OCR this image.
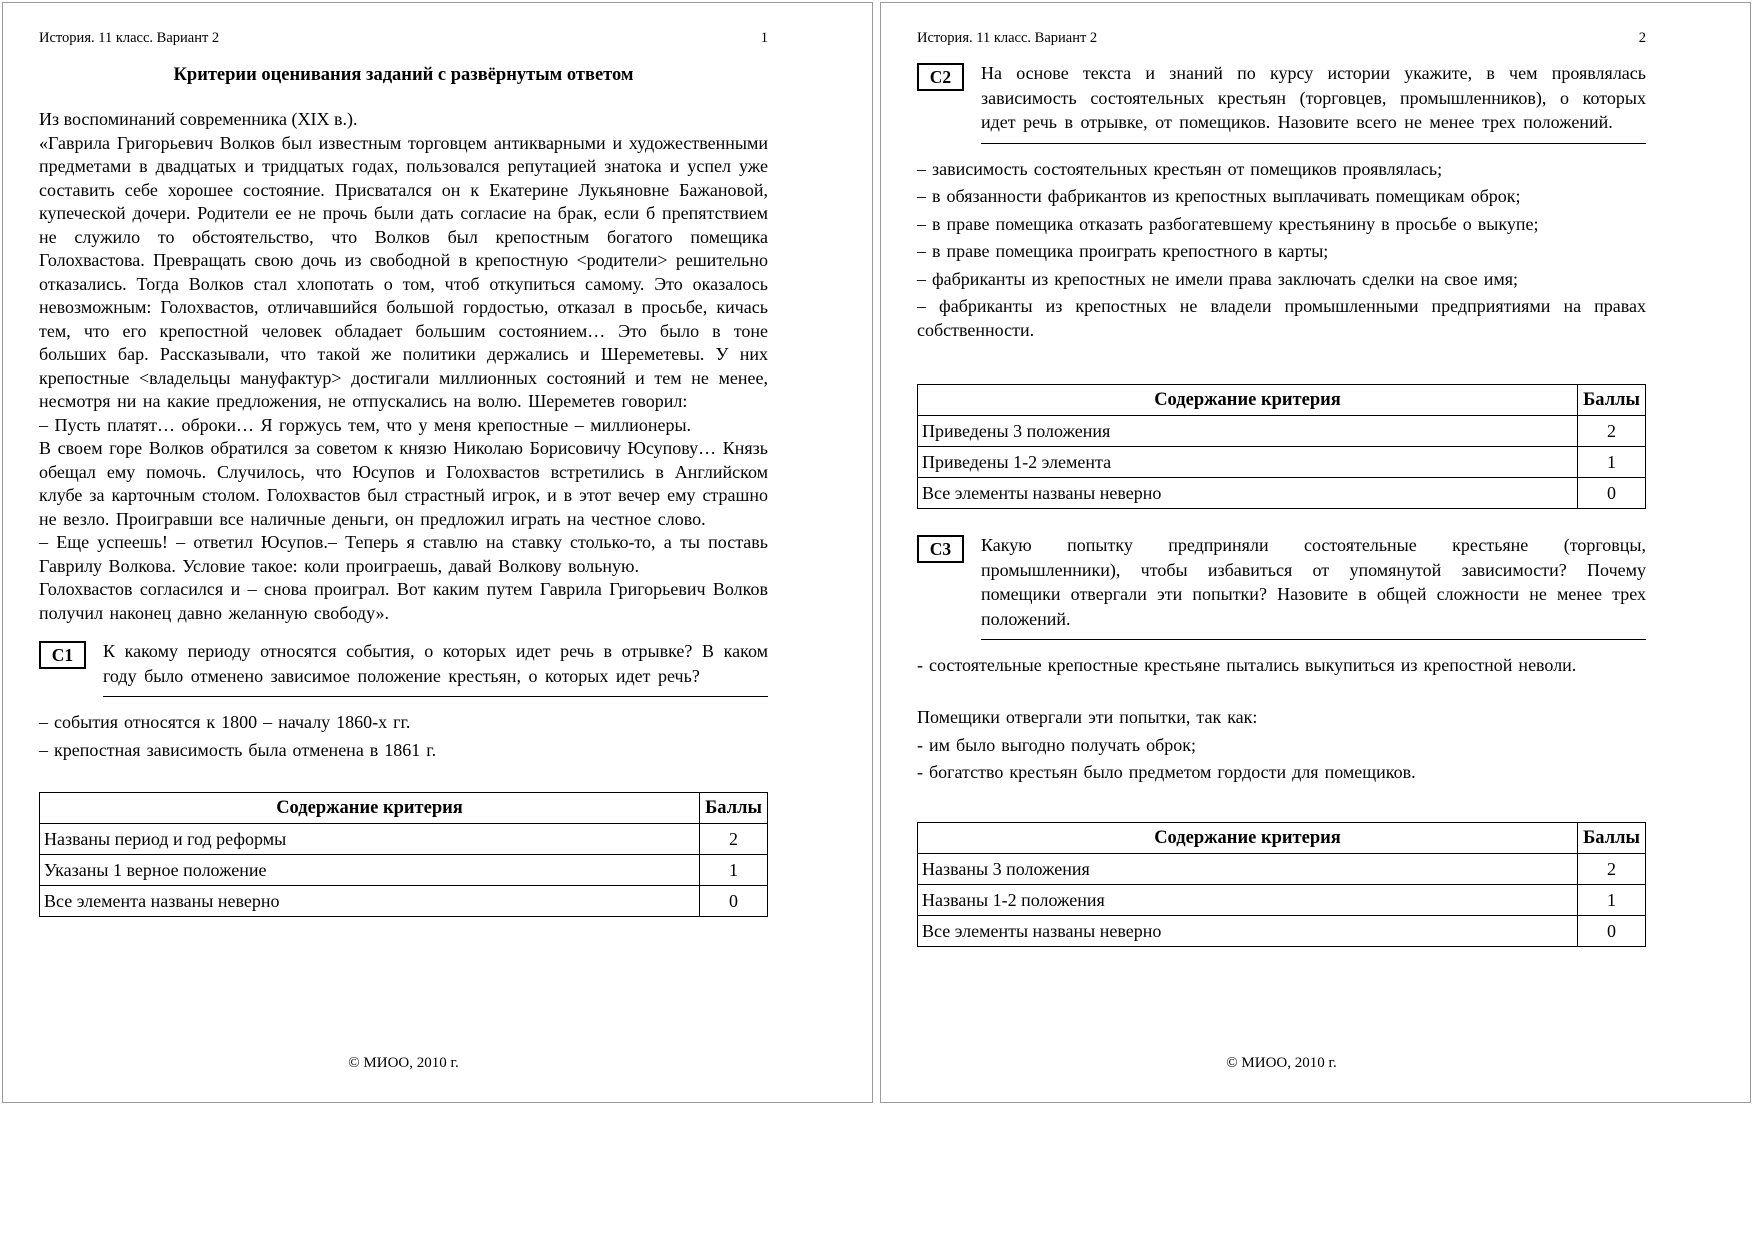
История. 11 класс. Вариант 2	1
Критерии оценивания заданий с развёрнутым ответом

Из воспоминаний современника (XIX в.).

«Гаврила Григорьевич Волков был известным торговцем антикварными и художественными предметами в двадцатых и тридцатых годах, пользовался репутацией знатока и успел уже составить себе хорошее состояние. Присватался он к Екатерине Лукьяновне Бажановой, купеческой дочери. Родители ее не прочь были дать согласие на брак, если б препятствием не служило то обстоятельство, что Волков был крепостным богатого помещика Голохвастова. Превращать свою дочь из свободной в крепостную <родители> решительно отказались. Тогда Волков стал хлопотать о том, чтоб откупиться самому. Это оказалось невозможным: Голохвастов, отличавшийся большой гордостью, отказал в просьбе, кичась тем, что его крепостной человек обладает большим состоянием… Это было в тоне больших бар. Рассказывали, что такой же политики держались и Шереметевы. У них крепостные <владельцы мануфактур> достигали миллионных состояний и тем не менее, несмотря ни на какие предложения, не отпускались на волю. Шереметев говорил:

– Пусть платят… оброки… Я горжусь тем, что у меня крепостные – миллионеры.

В своем горе Волков обратился за советом к князю Николаю Борисовичу Юсупову… Князь обещал ему помочь. Случилось, что Юсупов и Голохвастов встретились в Английском клубе за карточным столом. Голохвастов был страстный игрок, и в этот вечер ему страшно не везло. Проигравши все наличные деньги, он предложил играть на честное слово.

– Еще успеешь! – ответил Юсупов.– Теперь я ставлю на ставку столько-то, а ты поставь Гаврилу Волкова. Условие такое: коли проиграешь, давай Волкову вольную.

Голохвастов согласился и – снова проиграл. Вот каким путем Гаврила Григорьевич Волков получил наконец давно желанную свободу».

С1 К какому периоду относятся события, о которых идет речь в отрывке? В каком году было отменено зависимое положение крестьян, о которых идет речь?

– события относятся к 1800 – началу 1860-х гг.

– крепостная зависимость была отменена в 1861 г.

Содержание критерия	Баллы
Названы период и год реформы	2
Указаны 1 верное положение	1
Все элемента названы неверно	0
© МИОО, 2010 г.
История. 11 класс. Вариант 2	2
С2 На основе текста и знаний по курсу истории укажите, в чем проявлялась зависимость состоятельных крестьян (торговцев, промышленников), о которых идет речь в отрывке, от помещиков. Назовите всего не менее трех положений.

– зависимость состоятельных крестьян от помещиков проявлялась;

– в обязанности фабрикантов из крепостных выплачивать помещикам оброк;

– в праве помещика отказать разбогатевшему крестьянину в просьбе о выкупе;

– в праве помещика проиграть крепостного в карты;

– фабриканты из крепостных не имели права заключать сделки на свое имя;

– фабриканты из крепостных не владели промышленными предприятиями на правах собственности.

Содержание критерия	Баллы
Приведены 3 положения	2
Приведены 1-2 элемента	1
Все элементы названы неверно	0
С3 Какую попытку предприняли состоятельные крестьяне (торговцы, промышленники), чтобы избавиться от упомянутой зависимости? Почему помещики отвергали эти попытки? Назовите в общей сложности не менее трех положений.

- состоятельные крепостные крестьяне пытались выкупиться из крепостной неволи.

Помещики отвергали эти попытки, так как:

- им было выгодно получать оброк;

- богатство крестьян было предметом гордости для помещиков.

Содержание критерия	Баллы
Названы 3 положения	2
Названы 1-2 положения	1
Все элементы названы неверно	0
© МИОО, 2010 г.
